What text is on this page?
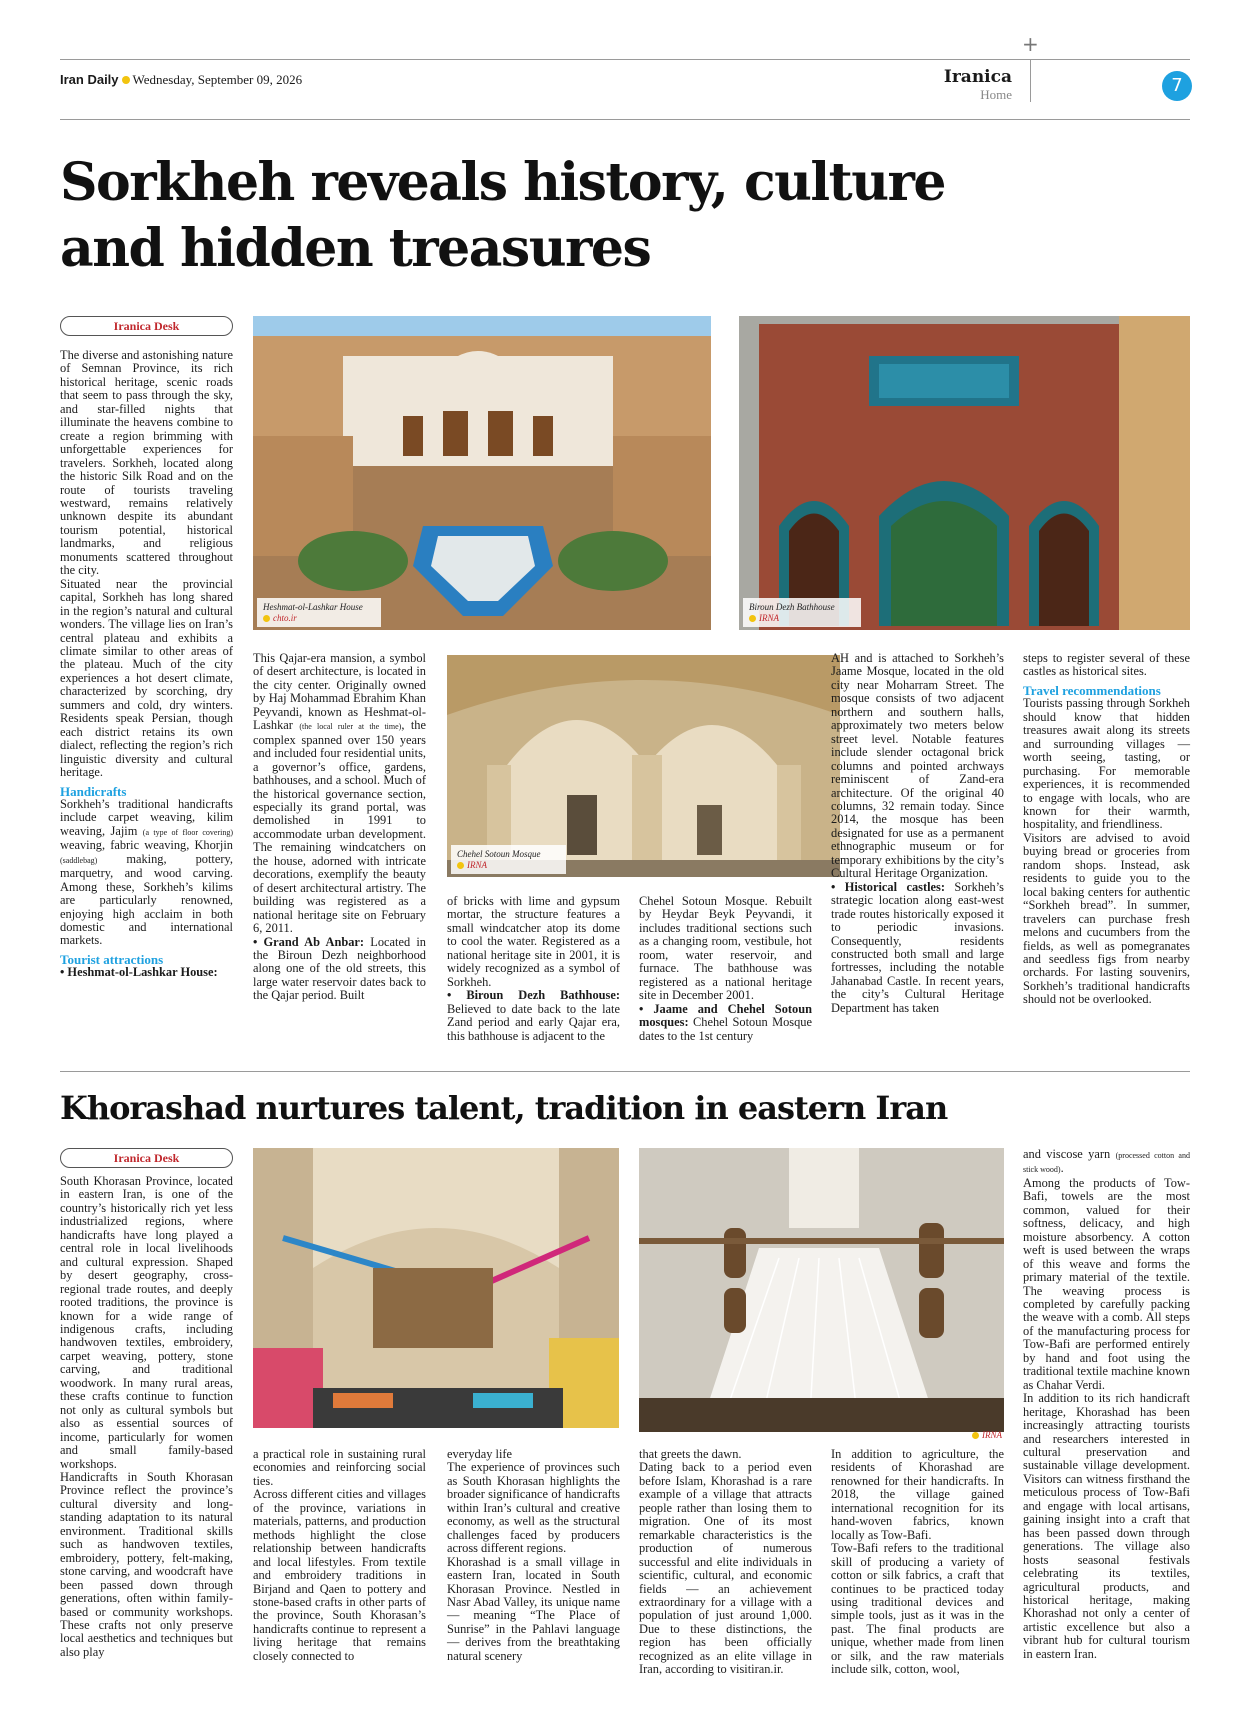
+
Iran Daily Wednesday, September 09, 2026	Iranica
Home	7
Sorkheh reveals history, culture
and hidden treasures
Iranica Desk
Heshmat-ol-Lashkar House
chto.ir
Biroun Dezh Bathhouse
IRNA
Chehel Sotoun Mosque
IRNA

The diverse and astonishing nature of Semnan Province, its rich historical heritage, scenic roads that seem to pass through the sky, and star-filled nights that illuminate the heavens combine to create a region brimming with unforgettable experiences for travelers. Sorkheh, located along the historic Silk Road and on the route of tourists traveling westward, remains relatively unknown despite its abundant tourism potential, historical landmarks, and religious monuments scattered throughout the city.

Situated near the provincial capital, Sorkheh has long shared in the region’s natural and cultural wonders. The village lies on Iran’s central plateau and exhibits a climate similar to other areas of the plateau. Much of the city experiences a hot desert climate, characterized by scorching, dry summers and cold, dry winters. Residents speak Persian, though each district retains its own dialect, reflecting the region’s rich linguistic diversity and cultural heritage.

Handicrafts

Sorkheh’s traditional handicrafts include carpet weaving, kilim weaving, Jajim (a type of floor covering) weaving, fabric weaving, Khorjin (saddlebag) making, pottery, marquetry, and wood carving. Among these, Sorkheh’s kilims are particularly renowned, enjoying high acclaim in both domestic and international markets.

Tourist attractions

• Heshmat-ol-Lashkar House:

This Qajar-era mansion, a symbol of desert architecture, is located in the city center. Originally owned by Haj Mohammad Ebrahim Khan Peyvandi, known as Heshmat-ol-Lashkar (the local ruler at the time), the complex spanned over 150 years and included four residential units, a governor’s office, gardens, bathhouses, and a school. Much of the historical governance section, especially its grand portal, was demolished in 1991 to accommodate urban development. The remaining windcatchers on the house, adorned with intricate decorations, exemplify the beauty of desert architectural artistry. The building was registered as a national heritage site on February 6, 2011.

• Grand Ab Anbar: Located in the Biroun Dezh neighborhood along one of the old streets, this large water reservoir dates back to the Qajar period. Built

of bricks with lime and gypsum mortar, the structure features a small windcatcher atop its dome to cool the water. Registered as a national heritage site in 2001, it is widely recognized as a symbol of Sorkheh.

• Biroun Dezh Bathhouse: Believed to date back to the late Zand period and early Qajar era, this bathhouse is adjacent to the

Chehel Sotoun Mosque. Rebuilt by Heydar Beyk Peyvandi, it includes traditional sections such as a changing room, vestibule, hot room, water reservoir, and furnace. The bathhouse was registered as a national heritage site in December 2001.

• Jaame and Chehel Sotoun mosques: Chehel Sotoun Mosque dates to the 1st century

AH and is attached to Sorkheh’s Jaame Mosque, located in the old city near Moharram Street. The mosque consists of two adjacent northern and southern halls, approximately two meters below street level. Notable features include slender octagonal brick columns and pointed archways reminiscent of Zand-era architecture. Of the original 40 columns, 32 remain today. Since 2014, the mosque has been designated for use as a permanent ethnographic museum or for temporary exhibitions by the city’s Cultural Heritage Organization.

• Historical castles: Sorkheh’s strategic location along east-west trade routes historically exposed it to periodic invasions. Consequently, residents constructed both small and large fortresses, including the notable Jahanabad Castle. In recent years, the city’s Cultural Heritage Department has taken

steps to register several of these castles as historical sites.

Travel recommendations

Tourists passing through Sorkheh should know that hidden treasures await along its streets and surrounding villages — worth seeing, tasting, or purchasing. For memorable experiences, it is recommended to engage with locals, who are known for their warmth, hospitality, and friendliness.

Visitors are advised to avoid buying bread or groceries from random shops. Instead, ask residents to guide you to the local baking centers for authentic “Sorkheh bread”. In summer, travelers can purchase fresh melons and cucumbers from the fields, as well as pomegranates and seedless figs from nearby orchards. For lasting souvenirs, Sorkheh’s traditional handicrafts should not be overlooked.

Khorashad nurtures talent, tradition in eastern Iran
Iranica Desk
IRNA

South Khorasan Province, located in eastern Iran, is one of the country’s historically rich yet less industrialized regions, where handicrafts have long played a central role in local livelihoods and cultural expression. Shaped by desert geography, cross-regional trade routes, and deeply rooted traditions, the province is known for a wide range of indigenous crafts, including handwoven textiles, embroidery, carpet weaving, pottery, stone carving, and traditional woodwork. In many rural areas, these crafts continue to function not only as cultural symbols but also as essential sources of income, particularly for women and small family-based workshops.

Handicrafts in South Khorasan Province reflect the province’s cultural diversity and long-standing adaptation to its natural environment. Traditional skills such as handwoven textiles, embroidery, pottery, felt-making, stone carving, and woodcraft have been passed down through generations, often within family-based or community workshops. These crafts not only preserve local aesthetics and techniques but also play

a practical role in sustaining rural economies and reinforcing social ties.

Across different cities and villages of the province, variations in materials, patterns, and production methods highlight the close relationship between handicrafts and local lifestyles. From textile and embroidery traditions in Birjand and Qaen to pottery and stone-based crafts in other parts of the province, South Khorasan’s handicrafts continue to represent a living heritage that remains closely connected to

everyday life

The experience of provinces such as South Khorasan highlights the broader significance of handicrafts within Iran’s cultural and creative economy, as well as the structural challenges faced by producers across different regions.

Khorashad is a small village in eastern Iran, located in South Khorasan Province. Nestled in Nasr Abad Valley, its unique name — meaning “The Place of Sunrise” in the Pahlavi language — derives from the breathtaking natural scenery

that greets the dawn.

Dating back to a period even before Islam, Khorashad is a rare example of a village that attracts people rather than losing them to migration. One of its most remarkable characteristics is the production of numerous successful and elite individuals in scientific, cultural, and economic fields — an achievement extraordinary for a village with a population of just around 1,000. Due to these distinctions, the region has been officially recognized as an elite village in Iran, according to visitiran.ir.

In addition to agriculture, the residents of Khorashad are renowned for their handicrafts. In 2018, the village gained international recognition for its hand-woven fabrics, known locally as Tow-Bafi.

Tow-Bafi refers to the traditional skill of producing a variety of cotton or silk fabrics, a craft that continues to be practiced today using traditional devices and simple tools, just as it was in the past. The final products are unique, whether made from linen or silk, and the raw materials include silk, cotton, wool,

and viscose yarn (processed cotton and stick wood).

Among the products of Tow-Bafi, towels are the most common, valued for their softness, delicacy, and high moisture absorbency. A cotton weft is used between the wraps of this weave and forms the primary material of the textile. The weaving process is completed by carefully packing the weave with a comb. All steps of the manufacturing process for Tow-Bafi are performed entirely by hand and foot using the traditional textile machine known as Chahar Verdi.

In addition to its rich handicraft heritage, Khorashad has been increasingly attracting tourists and researchers interested in cultural preservation and sustainable village development. Visitors can witness firsthand the meticulous process of Tow-Bafi and engage with local artisans, gaining insight into a craft that has been passed down through generations. The village also hosts seasonal festivals celebrating its textiles, agricultural products, and historical heritage, making Khorashad not only a center of artistic excellence but also a vibrant hub for cultural tourism in eastern Iran.
